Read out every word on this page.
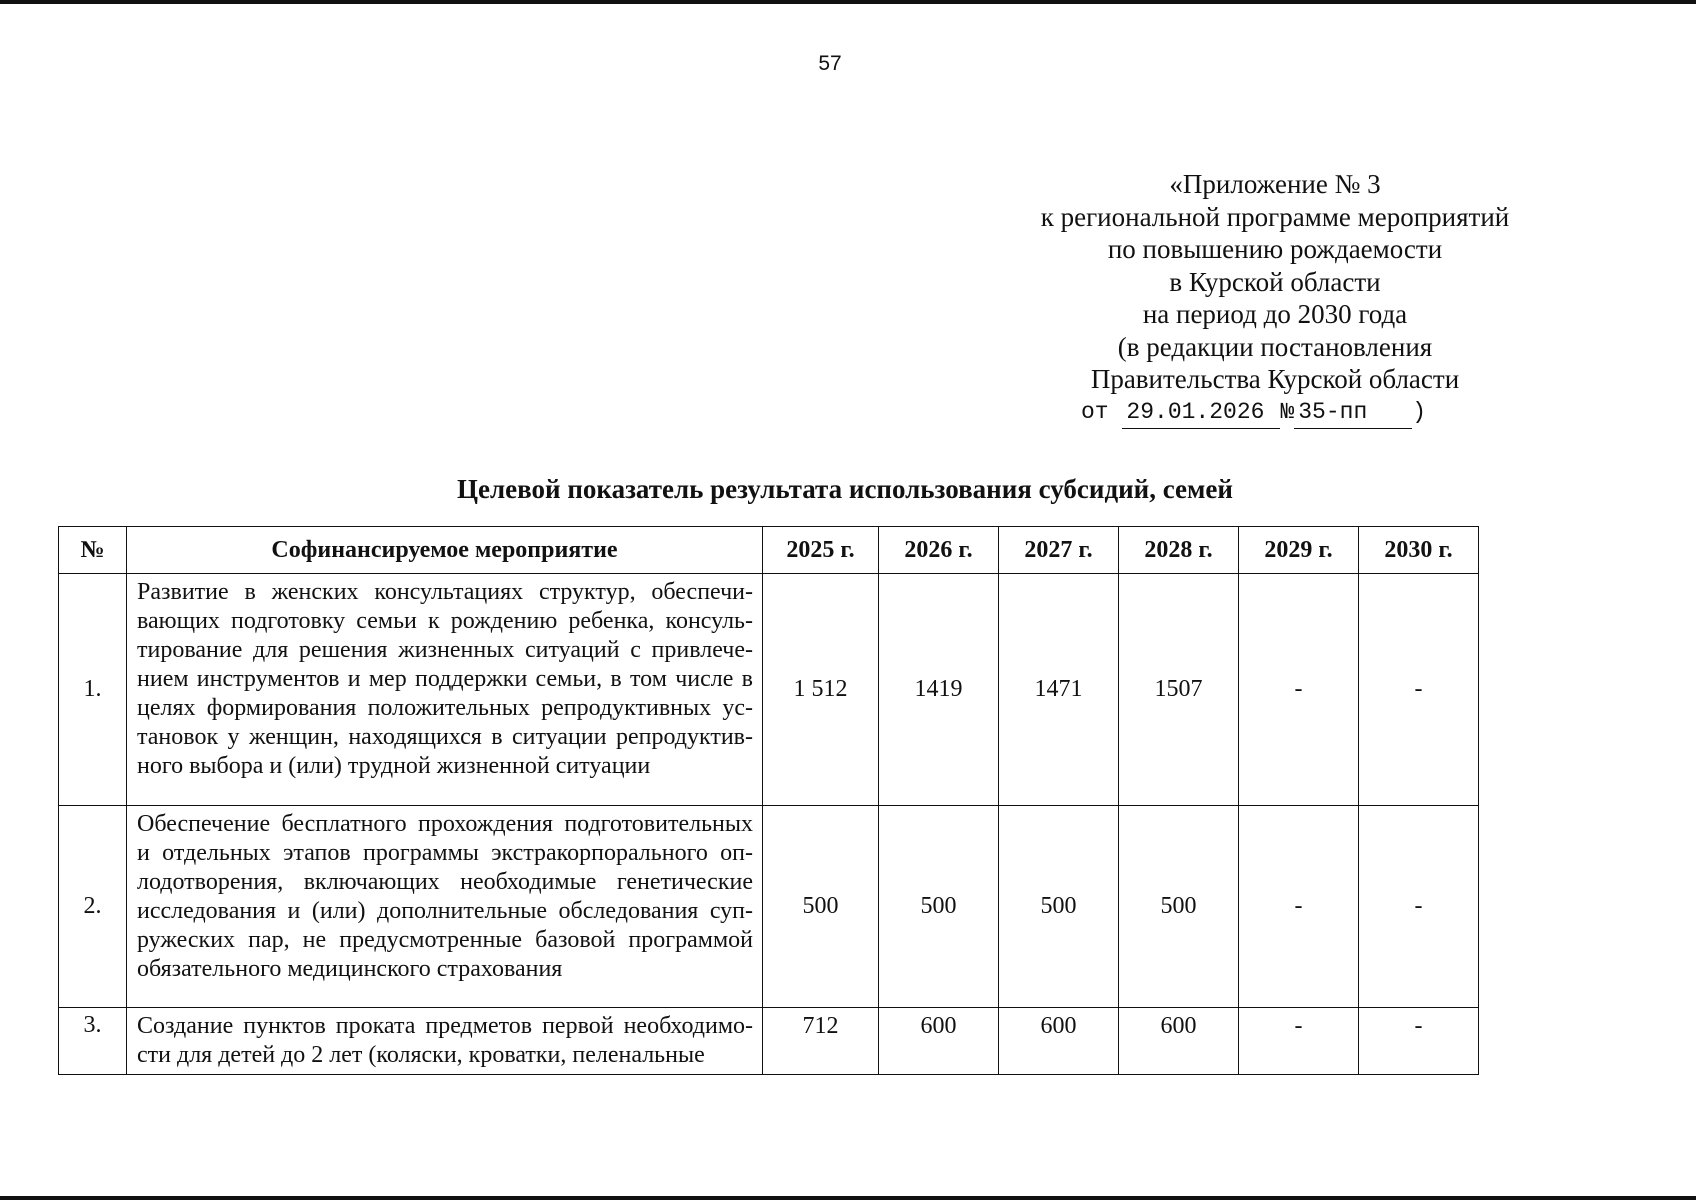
57
«Приложение № 3
к региональной программе мероприятий
по повышению рождаемости
в Курской области
на период до 2030 года
(в редакции постановления
Правительства Курской области
от 29.01.2026 № 35-пп )
Целевой показатель результата использования субсидий, семей
№	Софинансируемое мероприятие	2025 г.	2026 г.	2027 г.	2028 г.	2029 г.	2030 г.
1.	Развитие в женских консультациях структур, обеспечи-вающих подготовку семьи к рождению ребенка, консуль-тирование для решения жизненных ситуаций с привлече-нием инструментов и мер поддержки семьи, в том числе в целях формирования положительных репродуктивных ус-тановок у женщин, находящихся в ситуации репродуктив-ного выбора и (или) трудной жизненной ситуации	1 512	1419	1471	1507	-	-
2.	Обеспечение бесплатного прохождения подготовительных и отдельных этапов программы экстракорпорального оп-лодотворения, включающих необходимые генетические исследования и (или) дополнительные обследования суп-ружеских пар, не предусмотренные базовой программой обязательного медицинского страхования	500	500	500	500	-	-
3.	Создание пунктов проката предметов первой необходимо-сти для детей до 2 лет (коляски, кроватки, пеленальные	712	600	600	600	-	-
